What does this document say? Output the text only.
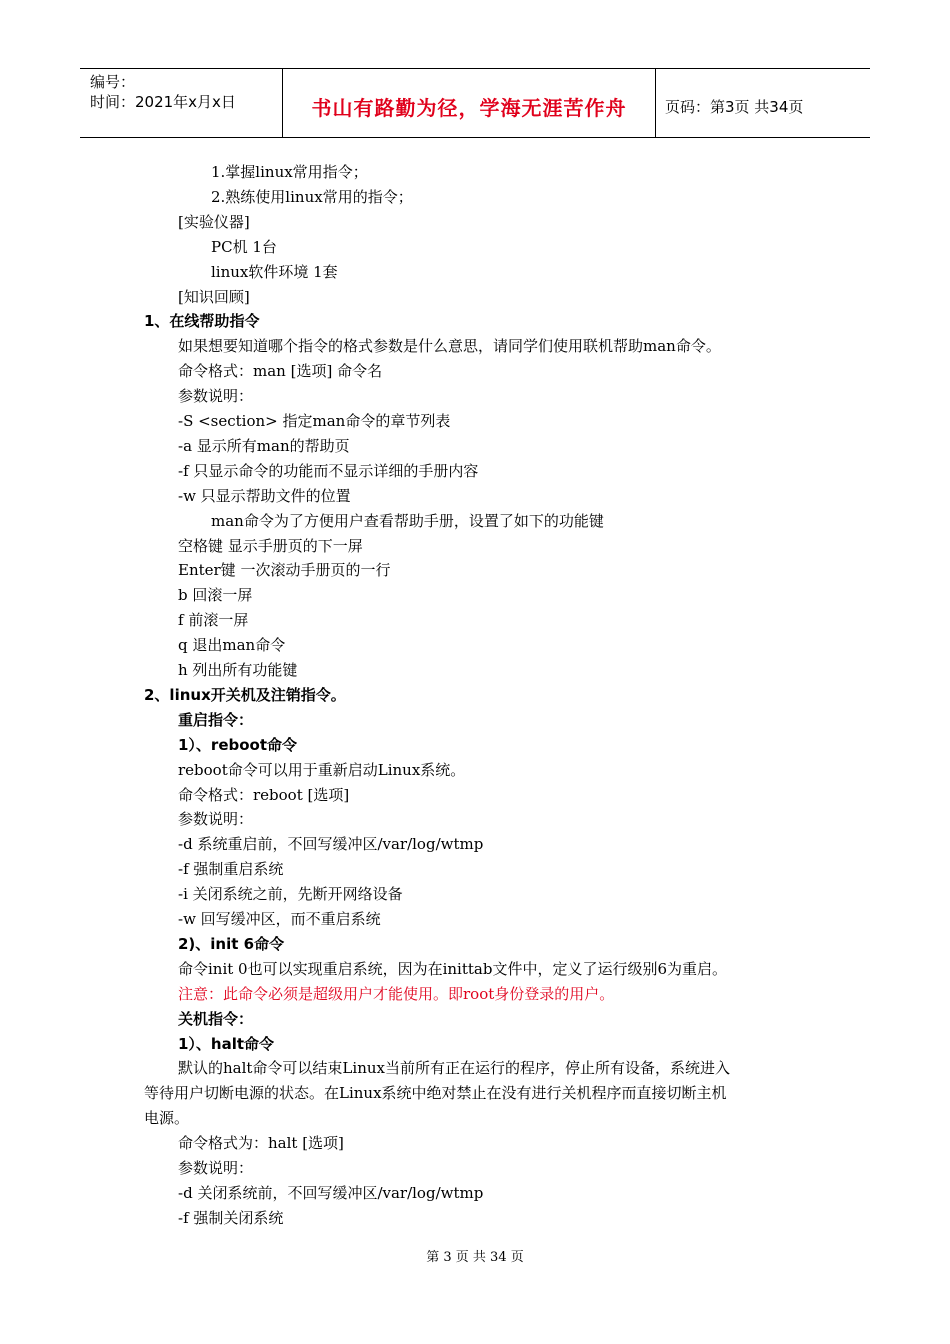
编号：
时间：2021年x月x日	书山有路勤为径，学海无涯苦作舟	页码：第3页 共34页
1.掌握linux常用指令；
2.熟练使用linux常用的指令；
[实验仪器]
PC机 1台
linux软件环境 1套
[知识回顾]
1、在线帮助指令
如果想要知道哪个指令的格式参数是什么意思，请同学们使用联机帮助man命令。
命令格式：man [选项] 命令名
参数说明：
-S <section> 指定man命令的章节列表
-a 显示所有man的帮助页
-f 只显示命令的功能而不显示详细的手册内容
-w 只显示帮助文件的位置
man命令为了方便用户查看帮助手册，设置了如下的功能键
空格键 显示手册页的下一屏
Enter键 一次滚动手册页的一行
b 回滚一屏
f 前滚一屏
q 退出man命令
h 列出所有功能键
2、linux开关机及注销指令。
重启指令：
1）、reboot命令
reboot命令可以用于重新启动Linux系统。
命令格式：reboot [选项]
参数说明：
-d 系统重启前，不回写缓冲区/var/log/wtmp
-f 强制重启系统
-i 关闭系统之前，先断开网络设备
-w 回写缓冲区，而不重启系统
2)、init 6命令
命令init 0也可以实现重启系统，因为在inittab文件中，定义了运行级别6为重启。
注意：此命令必须是超级用户才能使用。即root身份登录的用户。
关机指令：
1）、halt命令
默认的halt命令可以结束Linux当前所有正在运行的程序，停止所有设备，系统进入
等待用户切断电源的状态。在Linux系统中绝对禁止在没有进行关机程序而直接切断主机
电源。
命令格式为：halt [选项]
参数说明：
-d 关闭系统前，不回写缓冲区/var/log/wtmp
-f 强制关闭系统
第 3 页 共 34 页
